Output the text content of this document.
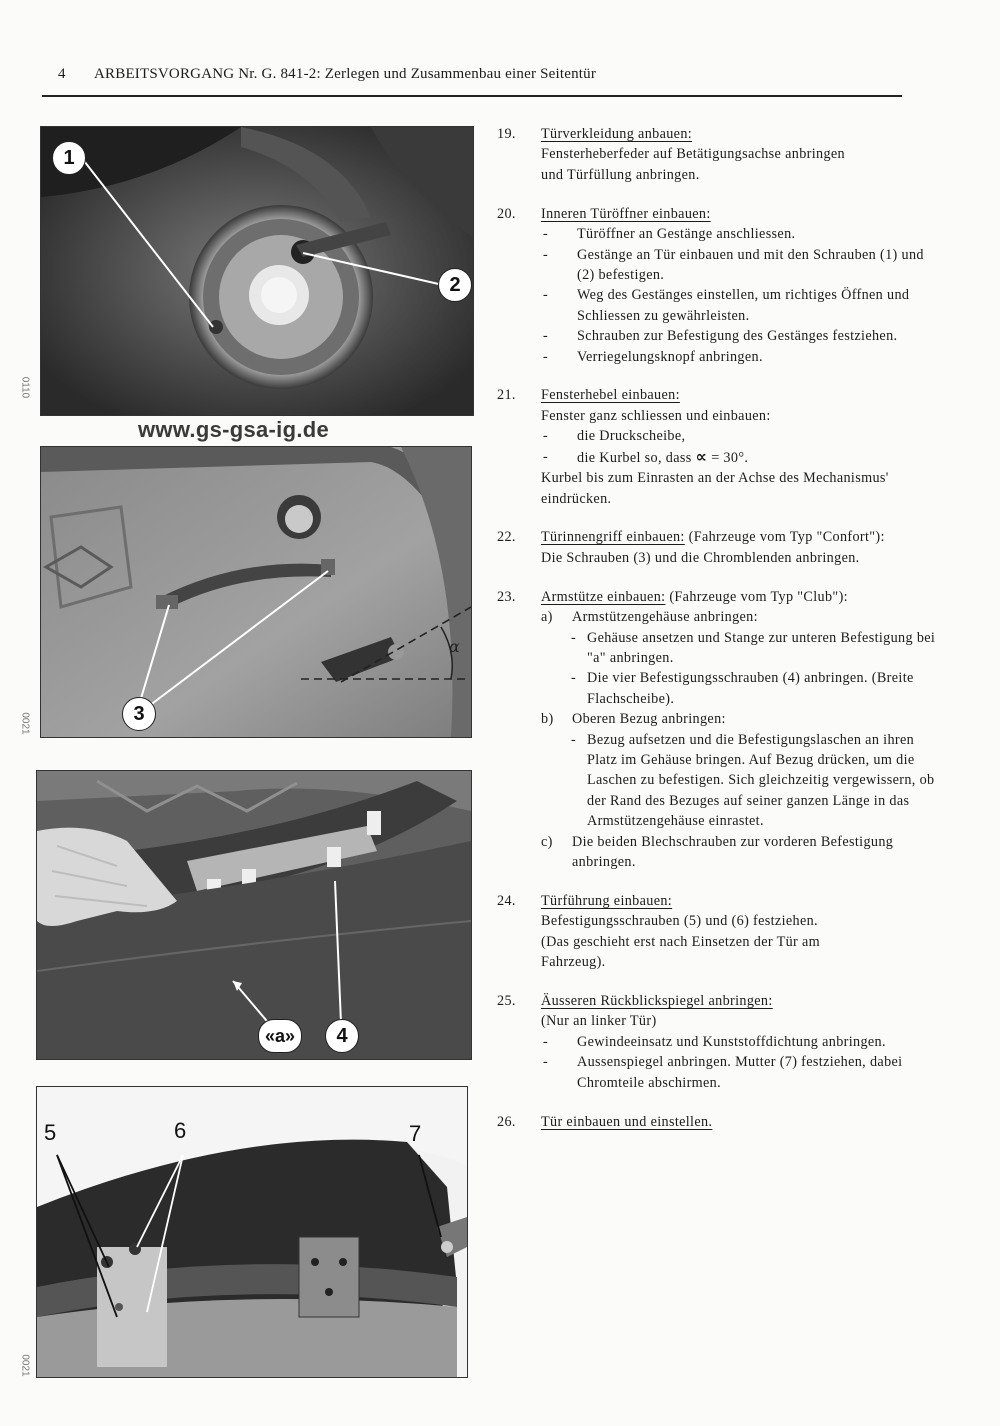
4 ARBEITSVORGANG Nr. G. 841-2: Zerlegen und Zusammenbau einer Seitentür
1
2
0110
www.gs-gsa-ig.de
α
3
0021
«a»	4
5	6	7
0021
19.	Türverkleidung anbauen:
Fensterheberfeder auf Betätigungsachse anbringen
und Türfüllung anbringen.
20.	Inneren Türöffner einbauen:
-	Türöffner an Gestänge anschliessen.
-	Gestänge an Tür einbauen und mit den Schrauben (1) und (2) befestigen.
-	Weg des Gestänges einstellen, um richtiges Öffnen und Schliessen zu gewährleisten.
-	Schrauben zur Befestigung des Gestänges festziehen.
-	Verriegelungsknopf anbringen.
21.	Fensterhebel einbauen:
Fenster ganz schliessen und einbauen:
-	die Druckscheibe,
-	die Kurbel so, dass ∝ = 30°.
Kurbel bis zum Einrasten an der Achse des Mechanismus' eindrücken.
22.	Türinnengriff einbauen: (Fahrzeuge vom Typ "Confort"):
Die Schrauben (3) und die Chromblenden anbringen.
23.	Armstütze einbauen: (Fahrzeuge vom Typ "Club"):
a)	Armstützengehäuse anbringen:
- Gehäuse ansetzen und Stange zur unteren Befestigung bei "a" anbringen.
- Die vier Befestigungsschrauben (4) anbringen. (Breite Flachscheibe).
b)	Oberen Bezug anbringen:
- Bezug aufsetzen und die Befestigungslaschen an ihren Platz im Gehäuse bringen. Auf Bezug drücken, um die Laschen zu befestigen. Sich gleichzeitig vergewissern, ob der Rand des Bezuges auf seiner ganzen Länge in das Armstützengehäuse einrastet.
c)	Die beiden Blechschrauben zur vorderen Befestigung anbringen.
24.	Türführung einbauen:
Befestigungsschrauben (5) und (6) festziehen.
(Das geschieht erst nach Einsetzen der Tür am
Fahrzeug).
25.	Äusseren Rückblickspiegel anbringen:
(Nur an linker Tür)
-	Gewindeeinsatz und Kunststoffdichtung anbringen.
-	Aussenspiegel anbringen. Mutter (7) festziehen, dabei Chromteile abschirmen.
26.	Tür einbauen und einstellen.
